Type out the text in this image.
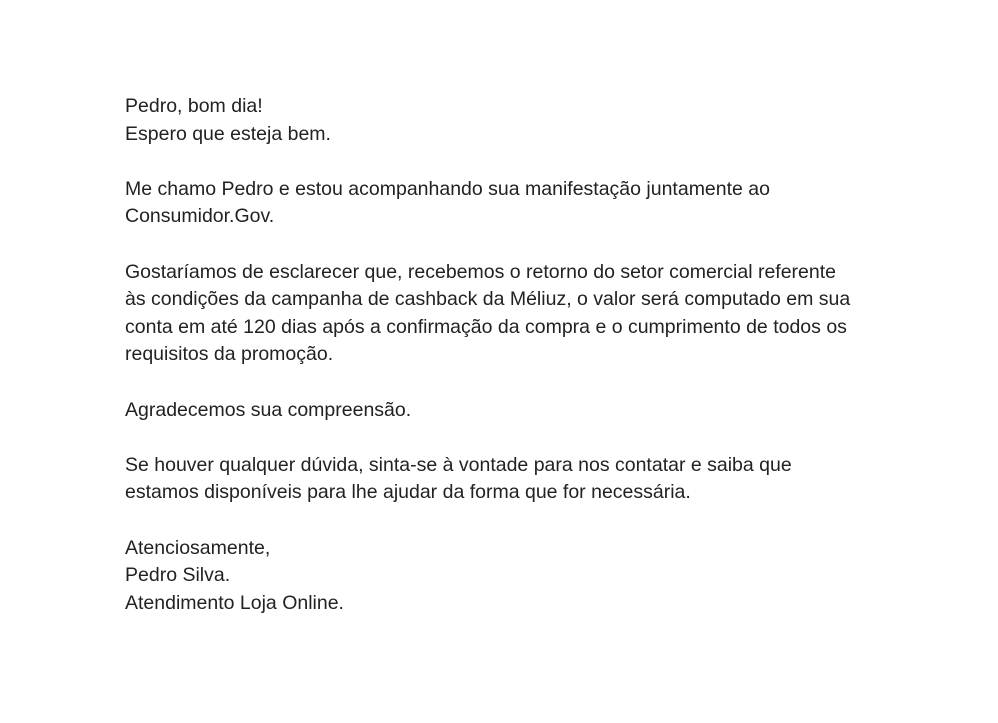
Pedro, bom dia!
Espero que esteja bem.

Me chamo Pedro e estou acompanhando sua manifestação juntamente ao
Consumidor.Gov.

Gostaríamos de esclarecer que, recebemos o retorno do setor comercial referente
às condições da campanha de cashback da Méliuz, o valor será computado em sua
conta em até 120 dias após a confirmação da compra e o cumprimento de todos os
requisitos da promoção.

Agradecemos sua compreensão.

Se houver qualquer dúvida, sinta-se à vontade para nos contatar e saiba que
estamos disponíveis para lhe ajudar da forma que for necessária.

Atenciosamente,
Pedro Silva.
Atendimento Loja Online.
